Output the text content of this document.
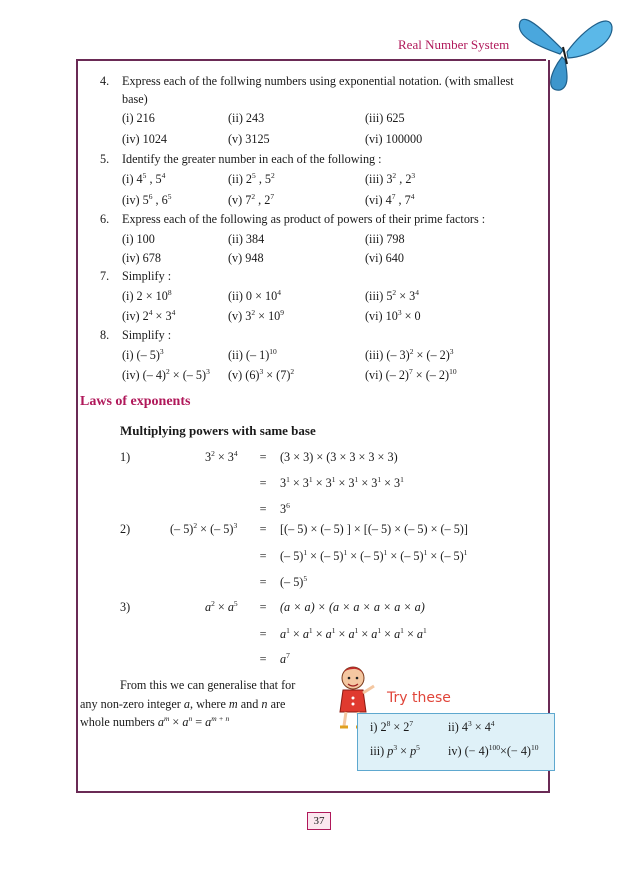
Real Number System
4. Express each of the follwing numbers using exponential notation. (with smallest
base)
(i) 216	(ii) 243	(iii) 625
(iv) 1024	(v) 3125	(vi) 100000
5. Identify the greater number in each of the following :
(i) $4^5$ , $5^4$	(ii) $2^5$ , $5^2$	(iii) $3^2$ , $2^3$
(iv) $5^6$ , $6^5$	(v) $7^2$ , $2^7$	(vi) $4^7$ , $7^4$
6. Express each of the following as product of powers of their prime factors :
(i) 100	(ii) 384	(iii) 798
(iv) 678	(v) 948	(vi) 640
7. Simplify :
(i) $2 \times 10^8$	(ii) $0 \times 10^4$	(iii) $5^2 \times 3^4$
(iv) $2^4 \times 3^4$	(v) $3^2 \times 10^9$	(vi) $10^3 \times 0$
8. Simplify :
(i) (– 5)$^3$	(ii) (– 1)$^{10}$	(iii) (– 3)$^2$ × (– 2)$^3$
(iv) (– 4)$^2$ × (– 5)$^3$ (v) $(6)^3 \times (7)^2$	(vi) (– 2)$^7$ × (– 2)$^{10}$
Laws of exponents
Multiplying powers with same base
1)	$3^2 \times 3^4 = (3 \times 3) \times (3 \times 3 \times 3 \times 3)$
= $3^1 \times 3^1 \times 3^1 \times 3^1 \times 3^1 \times 3^1$
= $3^6$
2)	(– 5)$^2$ × (– 5)$^3$ = [(– 5) × (– 5) ] × [(– 5) × (– 5) × (– 5)]
= (– 5)$^1$ × (– 5)$^1$ × (– 5)$^1$ × (– 5)$^1$ × (– 5)$^1$
= (– 5)$^5$
3)	$a^2 \times a^5 = (a \times a) \times (a \times a \times a \times a \times a)$
= $a^1 \times a^1 \times a^1 \times a^1 \times a^1 \times a^1 \times a^1$
= $a^7$
From this we can generalise that for
any non-zero integer a, where m and n are
whole numbers $a^m \times a^n = a^{m + n}$
Try these
i) $2^8 \times 2^7$	ii) $4^3 \times 4^4$
iii) $p^3 \times p^5$ iv) (− $4)^{100}\times(- 4)^{10}$
37
